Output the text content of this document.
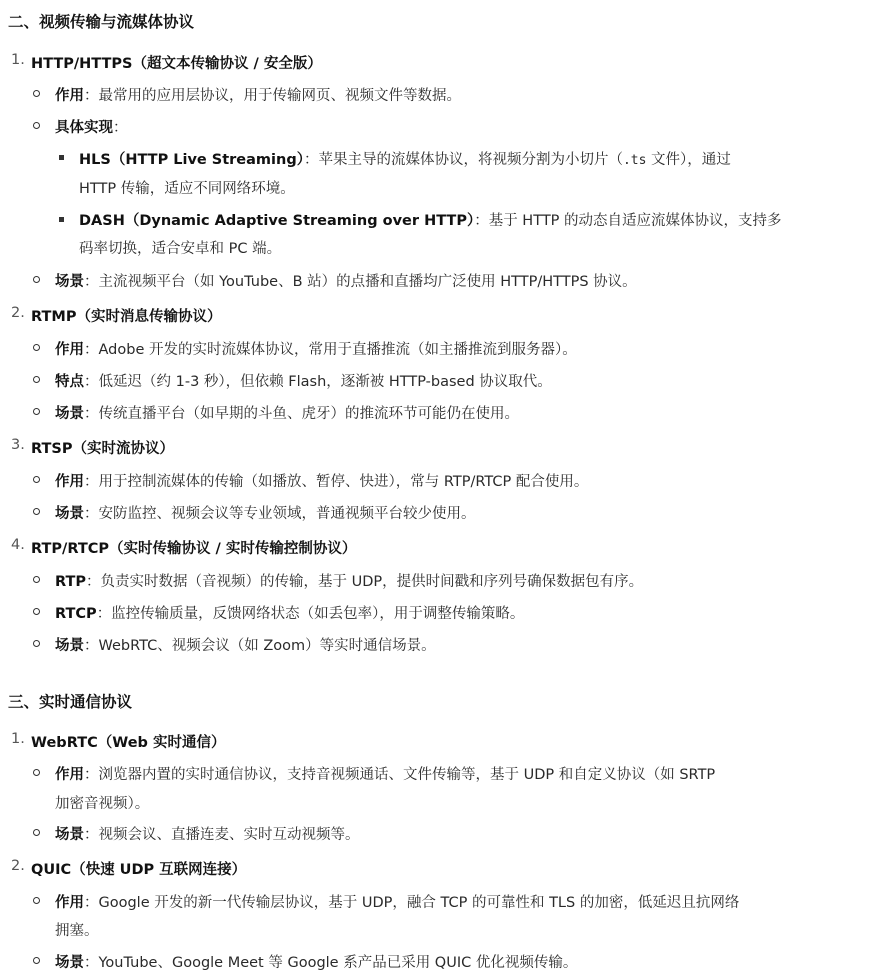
二、视频传输与流媒体协议
1. HTTP/HTTPS（超文本传输协议 / 安全版）
作用：最常用的应用层协议，用于传输网页、视频文件等数据。
具体实现：
HLS（HTTP Live Streaming）：苹果主导的流媒体协议，将视频分割为小切片（.ts 文件），通过
HTTP 传输，适应不同网络环境。
DASH（Dynamic Adaptive Streaming over HTTP）：基于 HTTP 的动态自适应流媒体协议，支持多
码率切换，适合安卓和 PC 端。
场景：主流视频平台（如 YouTube、B 站）的点播和直播均广泛使用 HTTP/HTTPS 协议。
2. RTMP（实时消息传输协议）
作用：Adobe 开发的实时流媒体协议，常用于直播推流（如主播推流到服务器）。
特点：低延迟（约 1-3 秒），但依赖 Flash，逐渐被 HTTP-based 协议取代。
场景：传统直播平台（如早期的斗鱼、虎牙）的推流环节可能仍在使用。
3. RTSP（实时流协议）
作用：用于控制流媒体的传输（如播放、暂停、快进），常与 RTP/RTCP 配合使用。
场景：安防监控、视频会议等专业领域，普通视频平台较少使用。
4. RTP/RTCP（实时传输协议 / 实时传输控制协议）
RTP：负责实时数据（音视频）的传输，基于 UDP，提供时间戳和序列号确保数据包有序。
RTCP：监控传输质量，反馈网络状态（如丢包率），用于调整传输策略。
场景：WebRTC、视频会议（如 Zoom）等实时通信场景。
三、实时通信协议
1. WebRTC（Web 实时通信）
作用：浏览器内置的实时通信协议，支持音视频通话、文件传输等，基于 UDP 和自定义协议（如 SRTP
加密音视频）。
场景：视频会议、直播连麦、实时互动视频等。
2. QUIC（快速 UDP 互联网连接）
作用：Google 开发的新一代传输层协议，基于 UDP，融合 TCP 的可靠性和 TLS 的加密，低延迟且抗网络
拥塞。
场景：YouTube、Google Meet 等 Google 系产品已采用 QUIC 优化视频传输。
